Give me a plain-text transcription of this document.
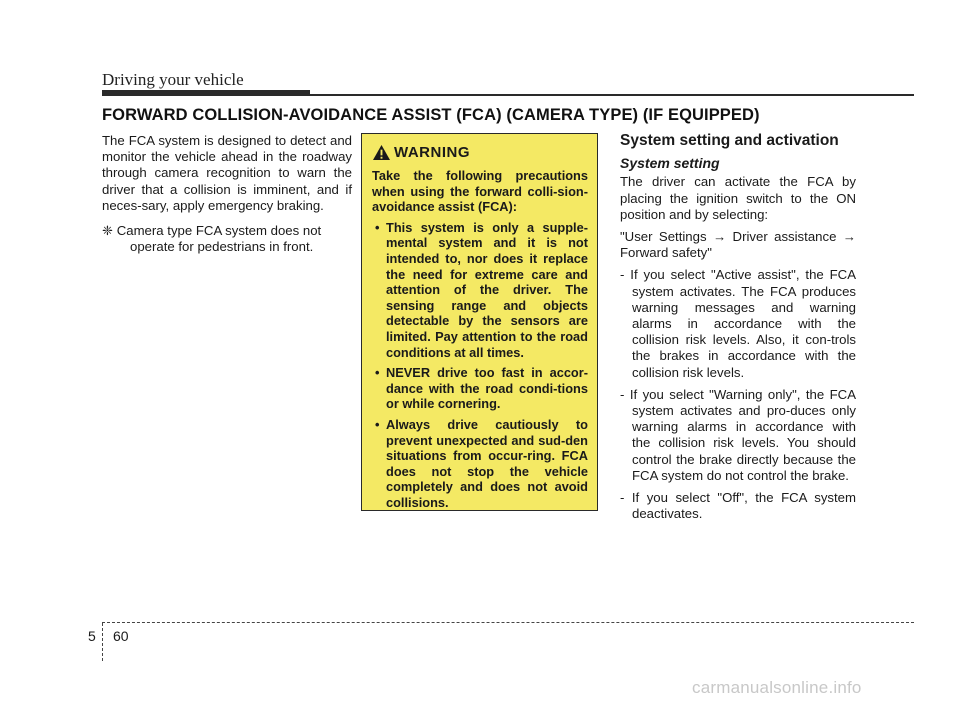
Driving your vehicle
FORWARD COLLISION-AVOIDANCE ASSIST (FCA) (CAMERA TYPE) (IF EQUIPPED)

The FCA system is designed to detect and monitor the vehicle ahead in the roadway through camera recognition to warn the driver that a collision is imminent, and if neces-sary, apply emergency braking.

❈ Camera type FCA system does not operate for pedestrians in front.

WARNING
Take the following precautions when using the forward colli-sion-avoidance assist (FCA):
• This system is only a supple-mental system and it is not intended to, nor does it replace the need for extreme care and attention of the driver. The sensing range and objects detectable by the sensors are limited. Pay attention to the road conditions at all times.
• NEVER drive too fast in accor-dance with the road condi-tions or while cornering.
• Always drive cautiously to prevent unexpected and sud-den situations from occur-ring. FCA does not stop the vehicle completely and does not avoid collisions.
System setting and activation
System setting

The driver can activate the FCA by placing the ignition switch to the ON position and by selecting:

"User Settings → Driver assistance → Forward safety"

- If you select "Active assist", the FCA system activates. The FCA produces warning messages and warning alarms in accordance with the collision risk levels. Also, it con-trols the brakes in accordance with the collision risk levels.

- If you select "Warning only", the FCA system activates and pro-duces only warning alarms in accordance with the collision risk levels. You should control the brake directly because the FCA system do not control the brake.

- If you select "Off", the FCA system deactivates.

5 60
carmanualsonline.info
